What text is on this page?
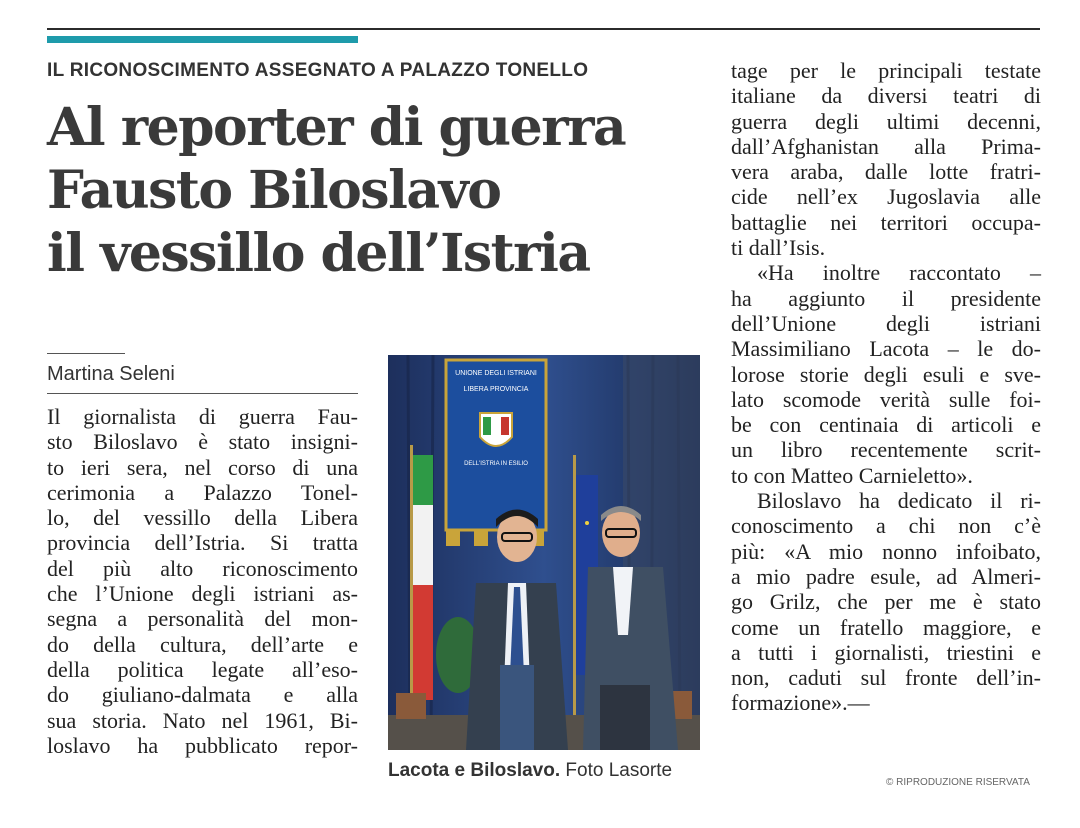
IL RICONOSCIMENTO ASSEGNATO A PALAZZO TONELLO
Al reporter di guerra
Fausto Biloslavo
il vessillo dell’Istria
Martina Seleni
Il giornalista di guerra Fau-
sto Biloslavo è stato insigni-
to ieri sera, nel corso di una
cerimonia a Palazzo Tonel-
lo, del vessillo della Libera
provincia dell’Istria. Si tratta
del più alto riconoscimento
che l’Unione degli istriani as-
segna a personalità del mon-
do della cultura, dell’arte e
della politica legate all’eso-
do giuliano-dalmata e alla
sua storia. Nato nel 1961, Bi-
loslavo ha pubblicato repor-
UNIONE DEGLI ISTRIANI
LIBERA PROVINCIA
DELL'ISTRIA IN ESILIO
Lacota e Biloslavo. Foto Lasorte
tage per le principali testate
italiane da diversi teatri di
guerra degli ultimi decenni,
dall’Afghanistan alla Prima-
vera araba, dalle lotte fratri-
cide nell’ex Jugoslavia alle
battaglie nei territori occupa-
ti dall’Isis.
«Ha inoltre raccontato –
ha aggiunto il presidente
dell’Unione degli istriani
Massimiliano Lacota – le do-
lorose storie degli esuli e sve-
lato scomode verità sulle foi-
be con centinaia di articoli e
un libro recentemente scrit-
to con Matteo Carnieletto».
Biloslavo ha dedicato il ri-
conoscimento a chi non c’è
più: «A mio nonno infoibato,
a mio padre esule, ad Almeri-
go Grilz, che per me è stato
come un fratello maggiore, e
a tutti i giornalisti, triestini e
non, caduti sul fronte dell’in-
formazione».—
© RIPRODUZIONE RISERVATA
